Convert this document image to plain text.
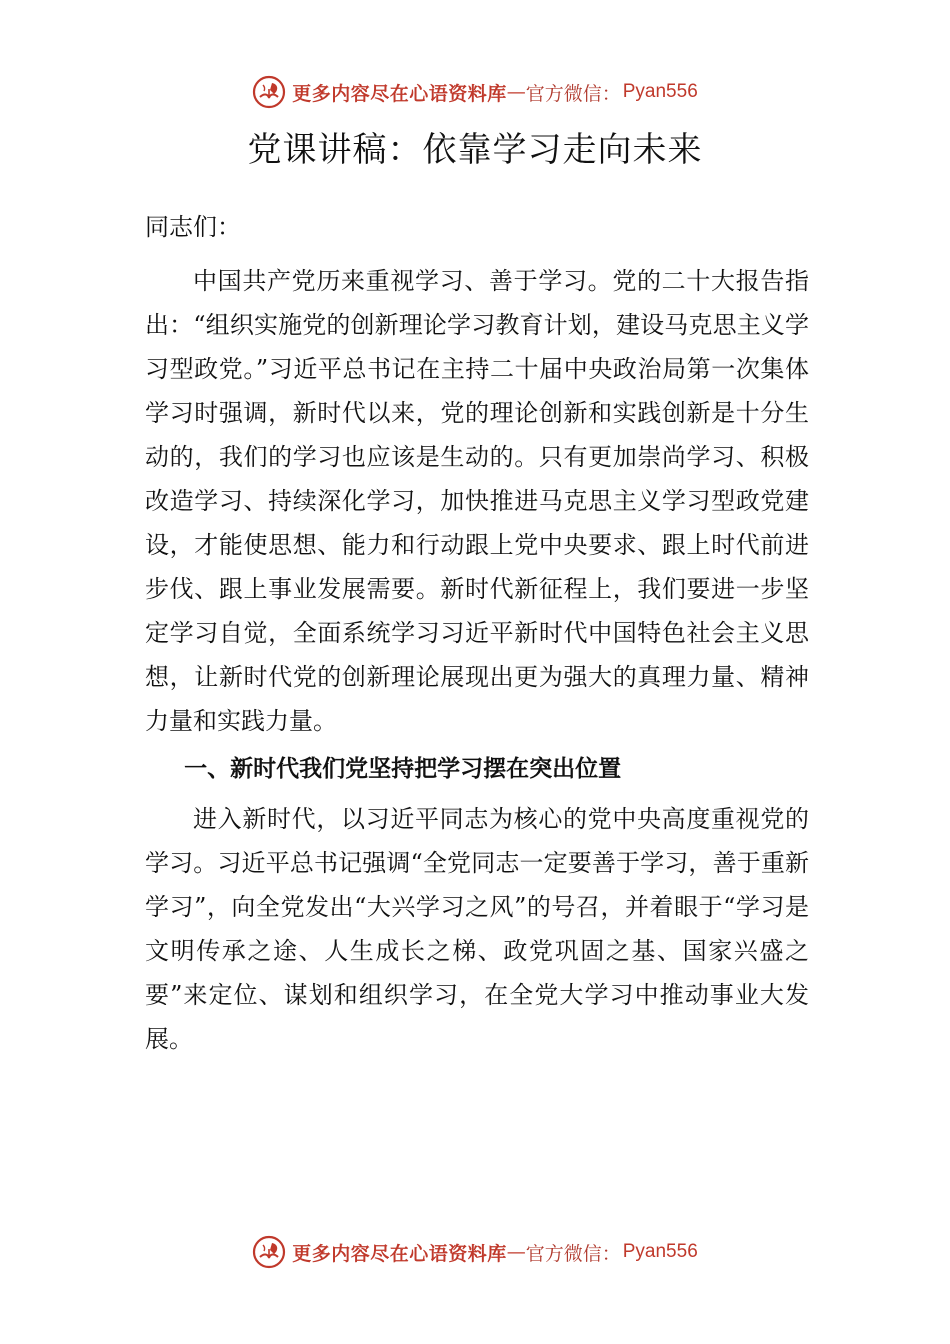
更多内容尽在心语资料库 — 官方微信： Pyan556
党课讲稿：依靠学习走向未来

同志们：

中国共产党历来重视学习、善于学习。党的二十大报告指出：“组织实施党的创新理论学习教育计划，建设马克思主义学习型政党。”习近平总书记在主持二十届中央政治局第一次集体学习时强调，新时代以来，党的理论创新和实践创新是十分生动的，我们的学习也应该是生动的。只有更加崇尚学习、积极改造学习、持续深化学习，加快推进马克思主义学习型政党建设，才能使思想、能力和行动跟上党中央要求、跟上时代前进步伐、跟上事业发展需要。新时代新征程上，我们要进一步坚定学习自觉，全面系统学习习近平新时代中国特色社会主义思想，让新时代党的创新理论展现出更为强大的真理力量、精神力量和实践力量。

一、新时代我们党坚持把学习摆在突出位置

进入新时代，以习近平同志为核心的党中央高度重视党的学习。习近平总书记强调“全党同志一定要善于学习，善于重新学习”，向全党发出“大兴学习之风”的号召，并着眼于“学习是文明传承之途、人生成长之梯、政党巩固之基、国家兴盛之要”来定位、谋划和组织学习，在全党大学习中推动事业大发展。

更多内容尽在心语资料库 — 官方微信： Pyan556
